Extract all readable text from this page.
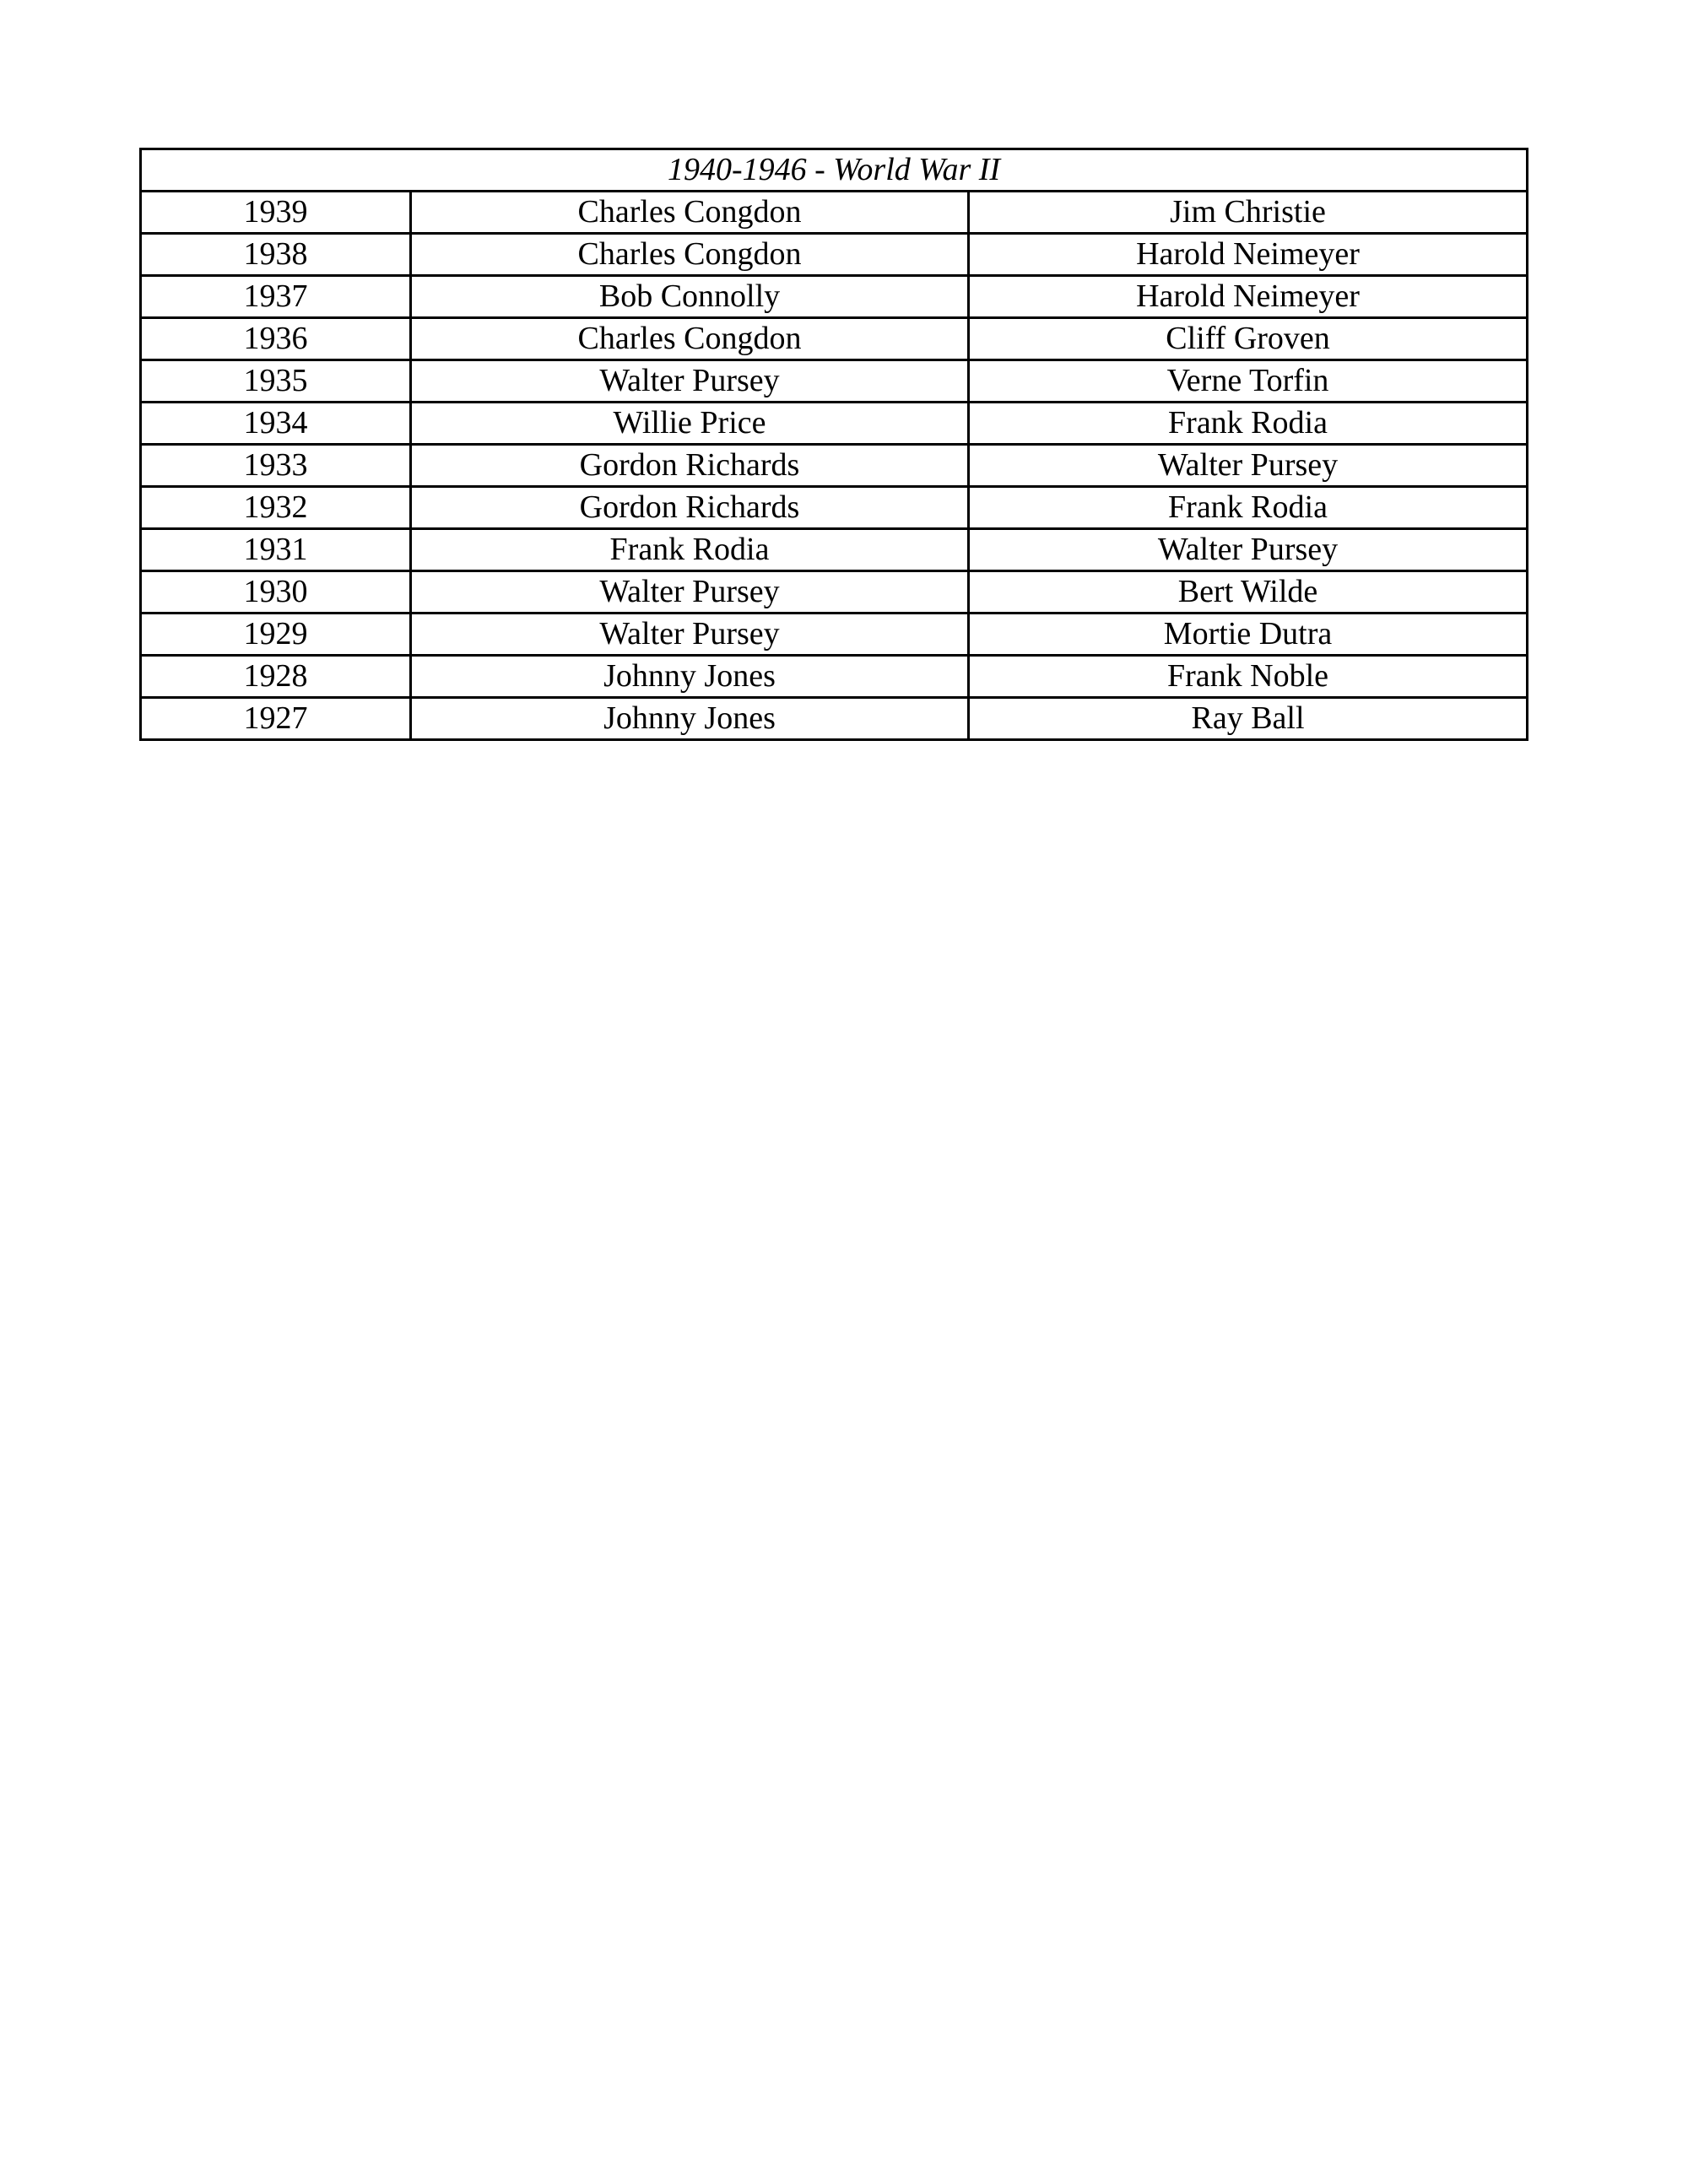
1940-1946 - World War II		
1939	Charles Congdon	Jim Christie
1938	Charles Congdon	Harold Neimeyer
1937	Bob Connolly	Harold Neimeyer
1936	Charles Congdon	Cliff Groven
1935	Walter Pursey	Verne Torfin
1934	Willie Price	Frank Rodia
1933	Gordon Richards	Walter Pursey
1932	Gordon Richards	Frank Rodia
1931	Frank Rodia	Walter Pursey
1930	Walter Pursey	Bert Wilde
1929	Walter Pursey	Mortie Dutra
1928	Johnny Jones	Frank Noble
1927	Johnny Jones	Ray Ball
